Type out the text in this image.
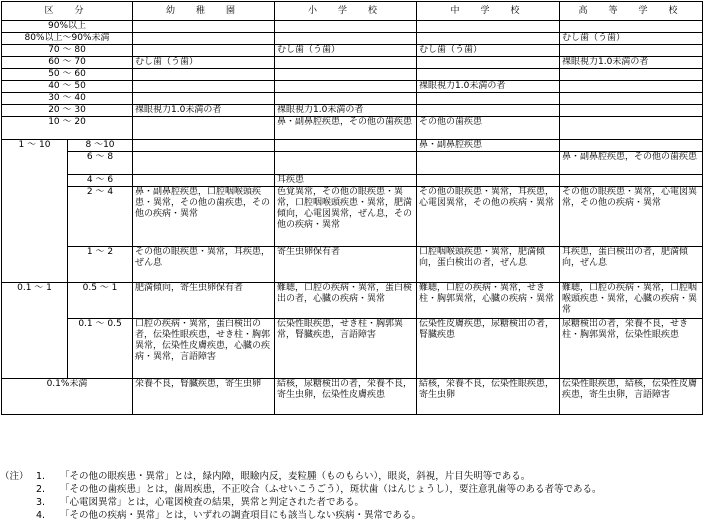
区　分		幼　稚　園	小　学　校	中　学　校	高　等　学　校
90%以上					
80%以上～90%未満					むし歯（う歯）
70 ～ 80			むし歯（う歯）	むし歯（う歯）	
60 ～ 70		むし歯（う歯）			裸眼視力1.0未満の者
50 ～ 60					
40 ～ 50				裸眼視力1.0未満の者	
30 ～ 40					
20 ～ 30		裸眼視力1.0未満の者	裸眼視力1.0未満の者		
10 ～ 20			鼻・副鼻腔疾患，その他の歯疾患	その他の歯疾患	
1 ～ 10	8 ～10			鼻・副鼻腔疾患	
	6 ～ 8				鼻・副鼻腔疾患，その他の歯疾患
	4 ～ 6		耳疾患		
	2 ～ 4	鼻・副鼻腔疾患，口腔咽喉頭疾患・異常，その他の歯疾患，その他の疾病・異常	色覚異常，その他の眼疾患・異常，口腔咽喉頭疾患・異常，肥満傾向，心電図異常，ぜん息，その他の疾病・異常	その他の眼疾患・異常，耳疾患，心電図異常，その他の疾病・異常	その他の眼疾患・異常，心電図異常，その他の疾病・異常
	1 ～ 2	その他の眼疾患・異常，耳疾患，ぜん息	寄生虫卵保有者	口腔咽喉頭疾患・異常，肥満傾向，蛋白検出の者，ぜん息	耳疾患，蛋白検出の者，肥満傾向，ぜん息
0.1 ～ 1	0.5 ～ 1	肥満傾向，寄生虫卵保有者	難聴，口腔の疾病・異常，蛋白検出の者，心臓の疾病・異常	難聴，口腔の疾病・異常，せき柱・胸郭異常，心臓の疾病・異常	難聴，口腔の疾病・異常，口腔咽喉頭疾患・異常，心臓の疾病・異常
	0.1 ～ 0.5	口腔の疾病・異常，蛋白検出の者，伝染性眼疾患，せき柱・胸郭異常，伝染性皮膚疾患，心臓の疾病・異常，言語障害	伝染性眼疾患，せき柱・胸郭異常，腎臓疾患，言語障害	伝染性皮膚疾患，尿糖検出の者，腎臓疾患	尿糖検出の者，栄養不良，せき柱・胸郭異常，伝染性眼疾患
0.1%未満		栄養不良，腎臓疾患，寄生虫卵	結核，尿糖検出の者，栄養不良，寄生虫卵，伝染性皮膚疾患	結核，栄養不良，伝染性眼疾患，寄生虫卵	伝染性眼疾患，結核，伝染性皮膚疾患，寄生虫卵，言語障害
（注） 1.	「その他の眼疾患・異常」とは，緑内障，眼瞼内反，麦粒腫（ものもらい），眼炎，斜視，片目失明等である。
2.	「その他の歯疾患」とは，歯周疾患，不正咬合（ふせいこうごう），斑状歯（はんじょうし），要注意乳歯等のある者等である。
3.	「心電図異常」とは，心電図検査の結果，異常と判定された者である。
4.	「その他の疾病・異常」とは，いずれの調査項目にも該当しない疾病・異常である。
